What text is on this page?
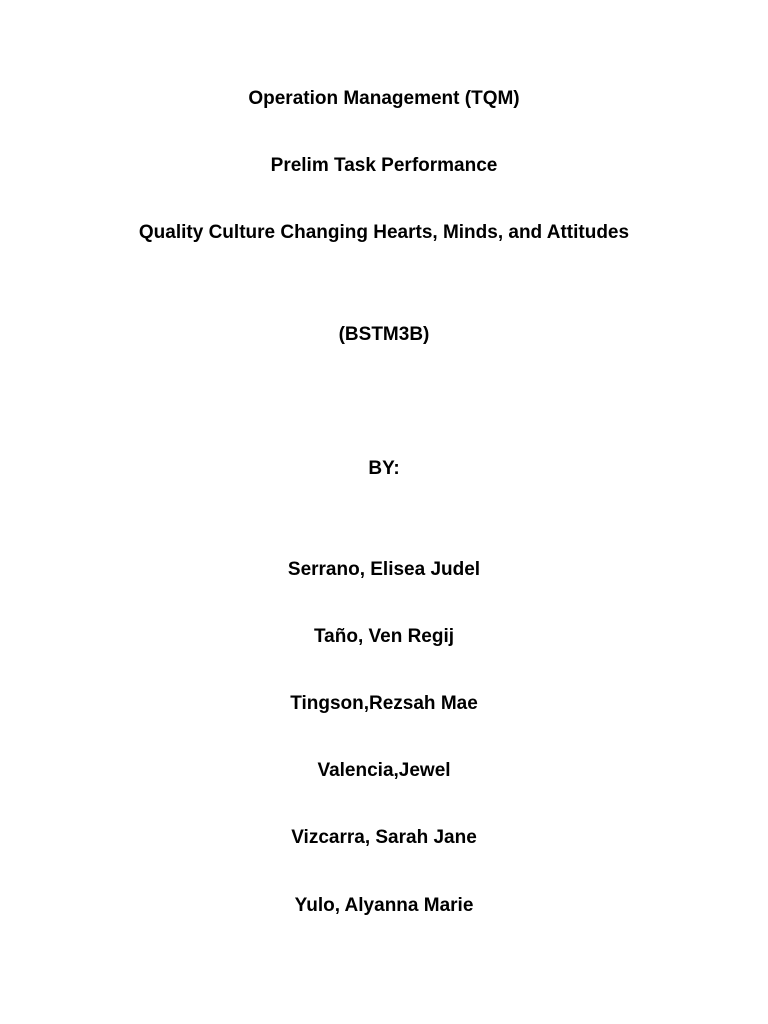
Operation Management (TQM)
Prelim Task Performance
Quality Culture Changing Hearts, Minds, and Attitudes
(BSTM3B)
BY:
Serrano, Elisea Judel
Taño, Ven Regij
Tingson,Rezsah Mae
Valencia,Jewel
Vizcarra, Sarah Jane
Yulo, Alyanna Marie
